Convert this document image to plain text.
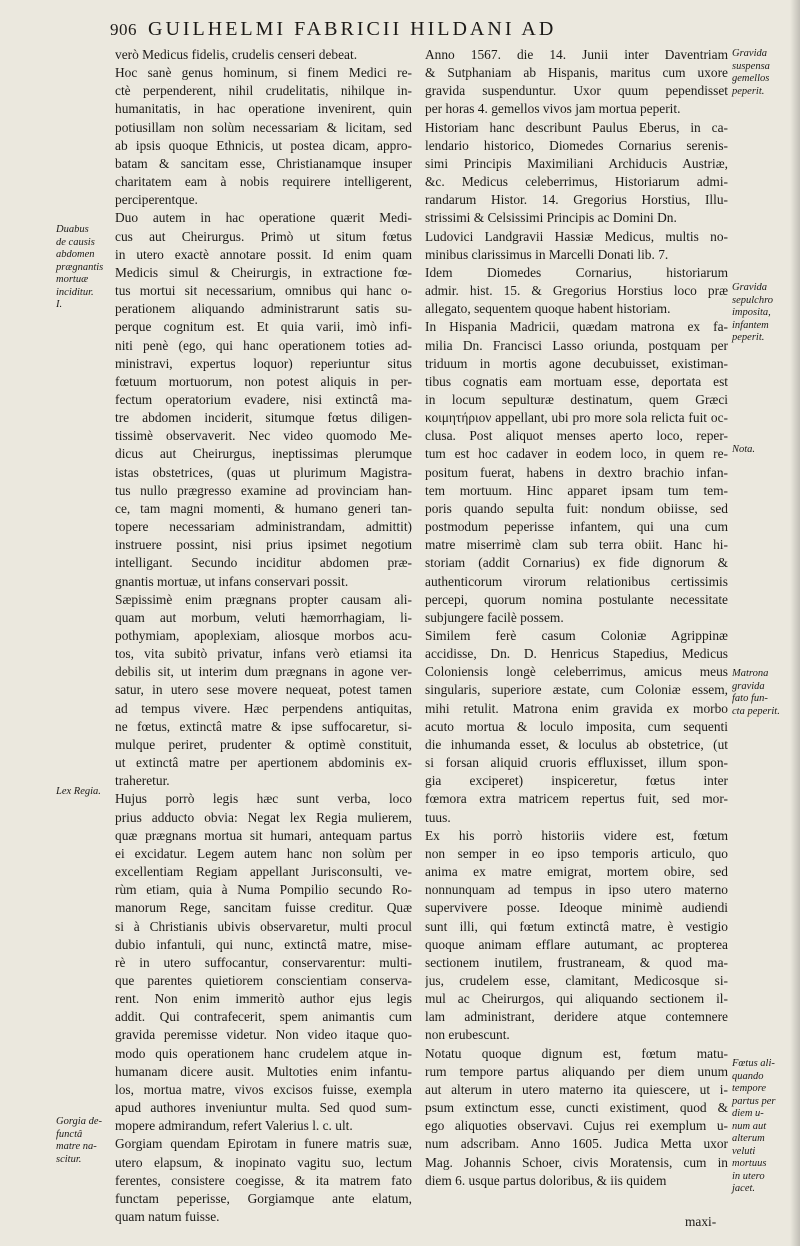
906 GUILHELMI FABRICII HILDANI AD
verò Medicus fidelis, crudelis censeri debeat.
Hoc sanè genus hominum, si finem Medici re-
ctè perpenderent, nihil crudelitatis, nihilque in-
humanitatis, in hac operatione invenirent, quin
potiusillam non solùm necessariam & licitam, sed
ab ipsis quoque Ethnicis, ut postea dicam, appro-
batam & sancitam esse, Christianamque insuper
charitatem eam à nobis requirere intelligerent,
perciperentque.
Duo autem in hac operatione quærit Medi-
cus aut Cheirurgus. Primò ut situm fœtus
in utero exactè annotare possit. Id enim quam
Medicis simul & Cheirurgis, in extractione fœ-
tus mortui sit necessarium, omnibus qui hanc o-
perationem aliquando administrarunt satis su-
perque cognitum est. Et quia varii, imò infi-
niti penè (ego, qui hanc operationem toties ad-
ministravi, expertus loquor) reperiuntur situs
fœtuum mortuorum, non potest aliquis in per-
fectum operatorium evadere, nisi extinctâ ma-
tre abdomen inciderit, situmque fœtus diligen-
tissimè observaverit. Nec video quomodo Me-
dicus aut Cheirurgus, ineptissimas plerumque
istas obstetrices, (quas ut plurimum Magistra-
tus nullo prægresso examine ad provinciam han-
ce, tam magni momenti, & humano generi tan-
topere necessariam administrandam, admittit)
instruere possint, nisi prius ipsimet negotium
intelligant. Secundo inciditur abdomen præ-
gnantis mortuæ, ut infans conservari possit.
Sæpissimè enim prægnans propter causam ali-
quam aut morbum, veluti hæmorrhagiam, li-
pothymiam, apoplexiam, aliosque morbos acu-
tos, vita subitò privatur, infans verò etiamsi ita
debilis sit, ut interim dum prægnans in agone ver-
satur, in utero sese movere nequeat, potest tamen
ad tempus vivere. Hæc perpendens antiquitas,
ne fœtus, extinctâ matre & ipse suffocaretur, si-
mulque periret, prudenter & optimè constituit,
ut extinctâ matre per apertionem abdominis ex-
traheretur.
Hujus porrò legis hæc sunt verba, loco
prius adducto obvia: Negat lex Regia mulierem,
quæ prægnans mortua sit humari, antequam partus
ei excidatur. Legem autem hanc non solùm per
excellentiam Regiam appellant Jurisconsulti, ve-
rùm etiam, quia à Numa Pompilio secundo Ro-
manorum Rege, sancitam fuisse creditur. Quæ
si à Christianis ubivis observaretur, multi procul
dubio infantuli, qui nunc, extinctâ matre, mise-
rè in utero suffocantur, conservarentur: multi-
que parentes quietiorem conscientiam conserva-
rent. Non enim immeritò author ejus legis
addit. Qui contrafecerit, spem animantis cum
gravida peremisse videtur. Non video itaque quo-
modo quis operationem hanc crudelem atque in-
humanam dicere ausit. Multoties enim infantu-
los, mortua matre, vivos excisos fuisse, exempla
apud authores inveniuntur multa. Sed quod sum-
mopere admirandum, refert Valerius l. c. ult.
Gorgiam quendam Epirotam in funere matris suæ,
utero elapsum, & inopinato vagitu suo, lectum
ferentes, consistere coegisse, & ita matrem fato
functam peperisse, Gorgiamque ante elatum,
quam natum fuisse.
Anno 1567. die 14. Junii inter Daventriam
& Sutphaniam ab Hispanis, maritus cum uxore
gravida suspenduntur. Uxor quum pependisset
per horas 4. gemellos vivos jam mortua peperit.
Historiam hanc describunt Paulus Eberus, in ca-
lendario historico, Diomedes Cornarius serenis-
simi Principis Maximiliani Archiducis Austriæ,
&c. Medicus celeberrimus, Historiarum admi-
randarum Histor. 14. Gregorius Horstius, Illu-
strissimi & Celsissimi Principis ac Domini Dn.
Ludovici Landgravii Hassiæ Medicus, multis no-
minibus clarissimus in Marcelli Donati lib. 7.
Idem Diomedes Cornarius, historiarum
admir. hist. 15. & Gregorius Horstius loco præ
allegato, sequentem quoque habent historiam.
In Hispania Madricii, quædam matrona ex fa-
milia Dn. Francisci Lasso oriunda, postquam per
triduum in mortis agone decubuisset, existiman-
tibus cognatis eam mortuam esse, deportata est
in locum sepulturæ destinatum, quem Græci
κοιμητήριον appellant, ubi pro more sola relicta fuit oc-
clusa. Post aliquot menses aperto loco, reper-
tum est hoc cadaver in eodem loco, in quem re-
positum fuerat, habens in dextro brachio infan-
tem mortuum. Hinc apparet ipsam tum tem-
poris quando sepulta fuit: nondum obiisse, sed
postmodum peperisse infantem, qui una cum
matre miserrimè clam sub terra obiit. Hanc hi-
storiam (addit Cornarius) ex fide dignorum &
authenticorum virorum relationibus certissimis
percepi, quorum nomina postulante necessitate
subjungere facilè possem.
Similem ferè casum Coloniæ Agrippinæ
accidisse, Dn. D. Henricus Stapedius, Medicus
Coloniensis longè celeberrimus, amicus meus
singularis, superiore æstate, cum Coloniæ essem,
mihi retulit. Matrona enim gravida ex morbo
acuto mortua & loculo imposita, cum sequenti
die inhumanda esset, & loculus ab obstetrice, (ut
si forsan aliquid cruoris effluxisset, illum spon-
gia exciperet) inspiceretur, fœtus inter
fœmora extra matricem repertus fuit, sed mor-
tuus.
Ex his porrò historiis videre est, fœtum
non semper in eo ipso temporis articulo, quo
anima ex matre emigrat, mortem obire, sed
nonnunquam ad tempus in ipso utero materno
supervivere posse. Ideoque minimè audiendi
sunt illi, qui fœtum extinctâ matre, è vestigio
quoque animam efflare autumant, ac propterea
sectionem inutilem, frustraneam, & quod ma-
jus, crudelem esse, clamitant, Medicosque si-
mul ac Cheirurgos, qui aliquando sectionem il-
lam administrant, deridere atque contemnere
non erubescunt.
Notatu quoque dignum est, fœtum matu-
rum tempore partus aliquando per diem unum
aut alterum in utero materno ita quiescere, ut i-
psum extinctum esse, cuncti existiment, quod &
ego aliquoties observavi. Cujus rei exemplum u-
num adscribam. Anno 1605. Judica Metta uxor
Mag. Johannis Schoer, civis Moratensis, cum in
diem 6. usque partus doloribus, & iis quidem
Duabus
de causis
abdomen
prægnantis
mortuæ
inciditur.
I.
Lex Regia.
Gorgia de-
functâ
matre na-
scitur.
Gravida
suspensa
gemellos
peperit.
Gravida
sepulchro
imposita,
infantem
peperit.
Nota.
Matrona
gravida
fato fun-
cta peperit.
Fœtus ali-
quando
tempore
partus per
diem u-
num aut
alterum
veluti
mortuus
in utero
jacet.
maxi-
